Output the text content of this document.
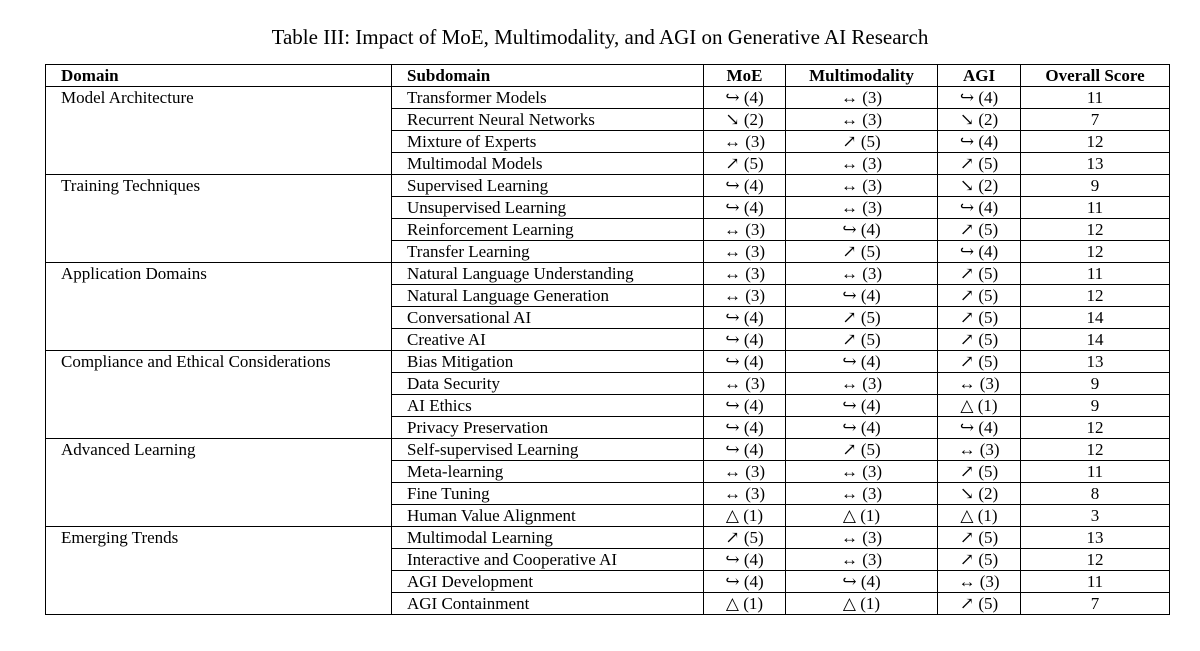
Table III: Impact of MoE, Multimodality, and AGI on Generative AI Research
Domain	Subdomain	MoE	Multimodality	AGI	Overall Score
Model Architecture	Transformer Models	↪ (4)	↔ (3)	↪ (4)	11
	Recurrent Neural Networks	↘ (2)	↔ (3)	↘ (2)	7
	Mixture of Experts	↔ (3)	↗ (5)	↪ (4)	12
	Multimodal Models	↗ (5)	↔ (3)	↗ (5)	13
Training Techniques	Supervised Learning	↪ (4)	↔ (3)	↘ (2)	9
	Unsupervised Learning	↪ (4)	↔ (3)	↪ (4)	11
	Reinforcement Learning	↔ (3)	↪ (4)	↗ (5)	12
	Transfer Learning	↔ (3)	↗ (5)	↪ (4)	12
Application Domains	Natural Language Understanding	↔ (3)	↔ (3)	↗ (5)	11
	Natural Language Generation	↔ (3)	↪ (4)	↗ (5)	12
	Conversational AI	↪ (4)	↗ (5)	↗ (5)	14
	Creative AI	↪ (4)	↗ (5)	↗ (5)	14
Compliance and Ethical Considerations	Bias Mitigation	↪ (4)	↪ (4)	↗ (5)	13
	Data Security	↔ (3)	↔ (3)	↔ (3)	9
	AI Ethics	↪ (4)	↪ (4)	△ (1)	9
	Privacy Preservation	↪ (4)	↪ (4)	↪ (4)	12
Advanced Learning	Self-supervised Learning	↪ (4)	↗ (5)	↔ (3)	12
	Meta-learning	↔ (3)	↔ (3)	↗ (5)	11
	Fine Tuning	↔ (3)	↔ (3)	↘ (2)	8
	Human Value Alignment	△ (1)	△ (1)	△ (1)	3
Emerging Trends	Multimodal Learning	↗ (5)	↔ (3)	↗ (5)	13
	Interactive and Cooperative AI	↪ (4)	↔ (3)	↗ (5)	12
	AGI Development	↪ (4)	↪ (4)	↔ (3)	11
	AGI Containment	△ (1)	△ (1)	↗ (5)	7
